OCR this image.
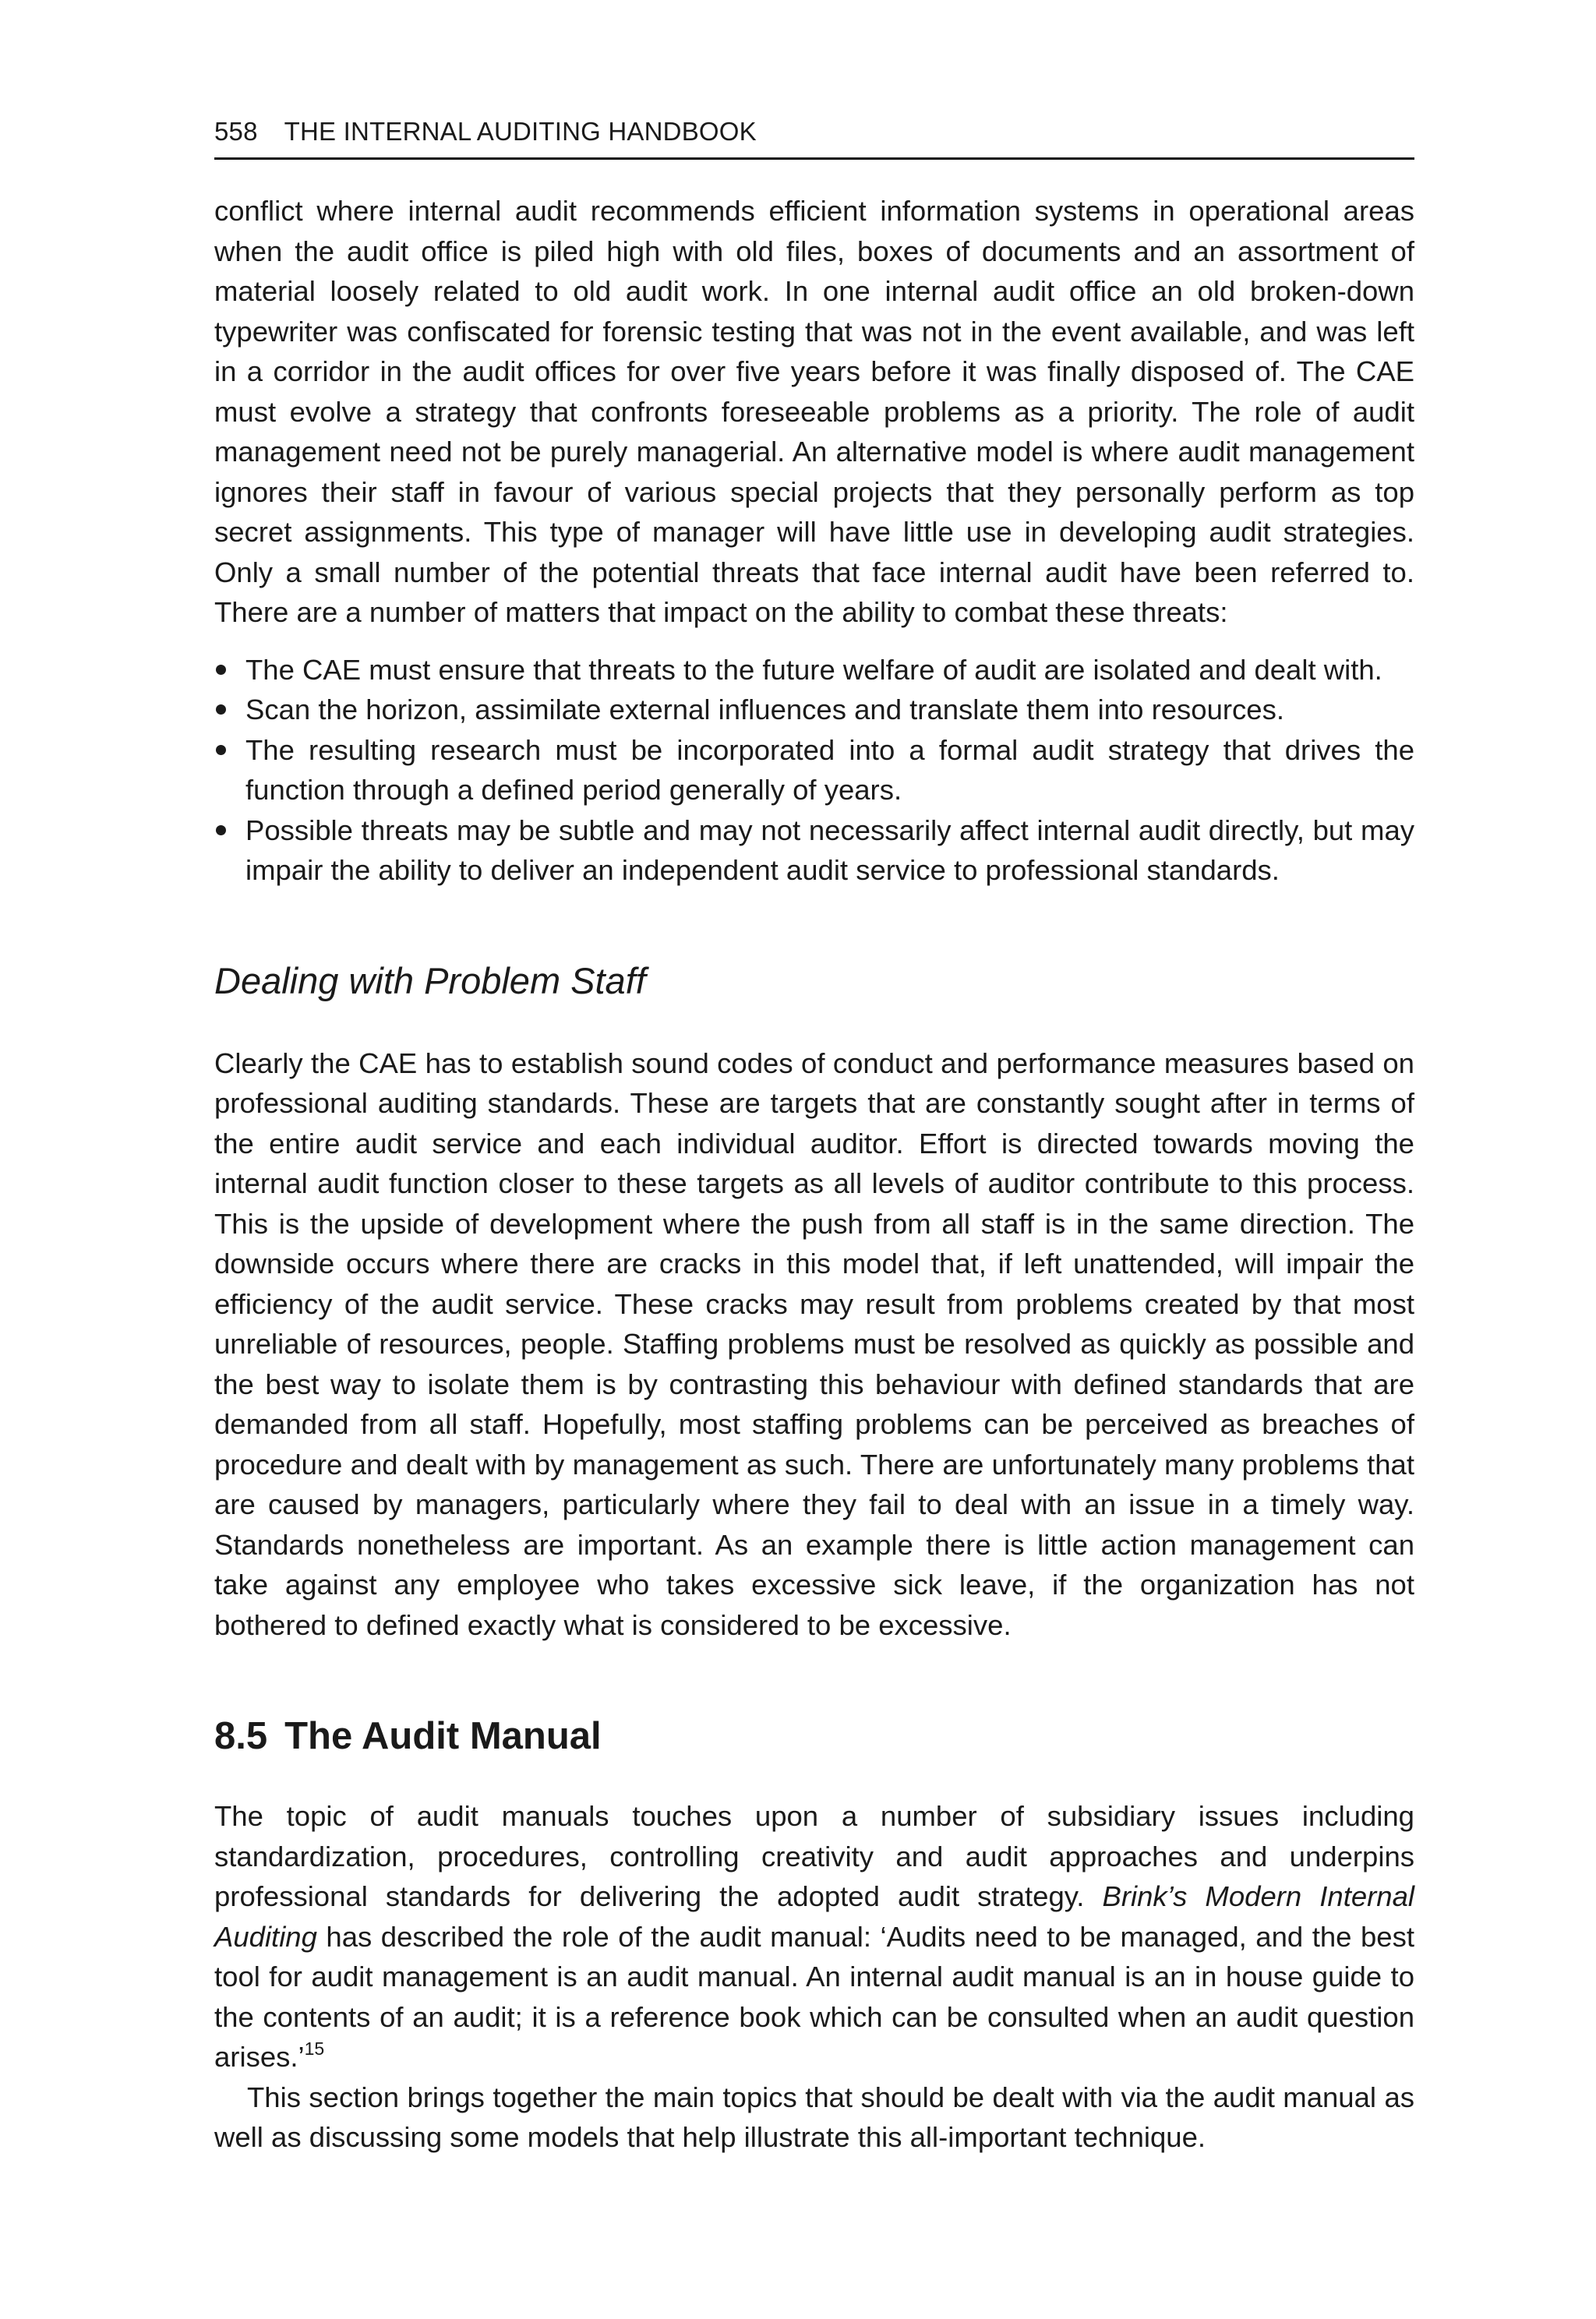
558 THE INTERNAL AUDITING HANDBOOK

conflict where internal audit recommends efficient information systems in operational areas when the audit office is piled high with old files, boxes of documents and an assortment of material loosely related to old audit work. In one internal audit office an old broken-down typewriter was confiscated for forensic testing that was not in the event available, and was left in a corridor in the audit offices for over five years before it was finally disposed of. The CAE must evolve a strategy that confronts foreseeable problems as a priority. The role of audit management need not be purely managerial. An alternative model is where audit management ignores their staff in favour of various special projects that they personally perform as top secret assignments. This type of manager will have little use in developing audit strategies. Only a small number of the potential threats that face internal audit have been referred to. There are a number of matters that impact on the ability to combat these threats:

The CAE must ensure that threats to the future welfare of audit are isolated and dealt with.
Scan the horizon, assimilate external influences and translate them into resources.
The resulting research must be incorporated into a formal audit strategy that drives the function through a defined period generally of years.
Possible threats may be subtle and may not necessarily affect internal audit directly, but may impair the ability to deliver an independent audit service to professional standards.
Dealing with Problem Staff

Clearly the CAE has to establish sound codes of conduct and performance measures based on professional auditing standards. These are targets that are constantly sought after in terms of the entire audit service and each individual auditor. Effort is directed towards moving the internal audit function closer to these targets as all levels of auditor contribute to this process. This is the upside of development where the push from all staff is in the same direction. The downside occurs where there are cracks in this model that, if left unattended, will impair the efficiency of the audit service. These cracks may result from problems created by that most unreliable of resources, people. Staffing problems must be resolved as quickly as possible and the best way to isolate them is by contrasting this behaviour with defined standards that are demanded from all staff. Hopefully, most staffing problems can be perceived as breaches of procedure and dealt with by management as such. There are unfortunately many problems that are caused by managers, particularly where they fail to deal with an issue in a timely way. Standards nonetheless are important. As an example there is little action management can take against any employee who takes excessive sick leave, if the organization has not bothered to defined exactly what is considered to be excessive.

8.5 The Audit Manual

The topic of audit manuals touches upon a number of subsidiary issues including standardization, procedures, controlling creativity and audit approaches and underpins professional standards for delivering the adopted audit strategy. Brink’s Modern Internal Auditing has described the role of the audit manual: ‘Audits need to be managed, and the best tool for audit management is an audit manual. An internal audit manual is an in house guide to the contents of an audit; it is a reference book which can be consulted when an audit question arises.’$^{15}$

This section brings together the main topics that should be dealt with via the audit manual as well as discussing some models that help illustrate this all-important technique.
